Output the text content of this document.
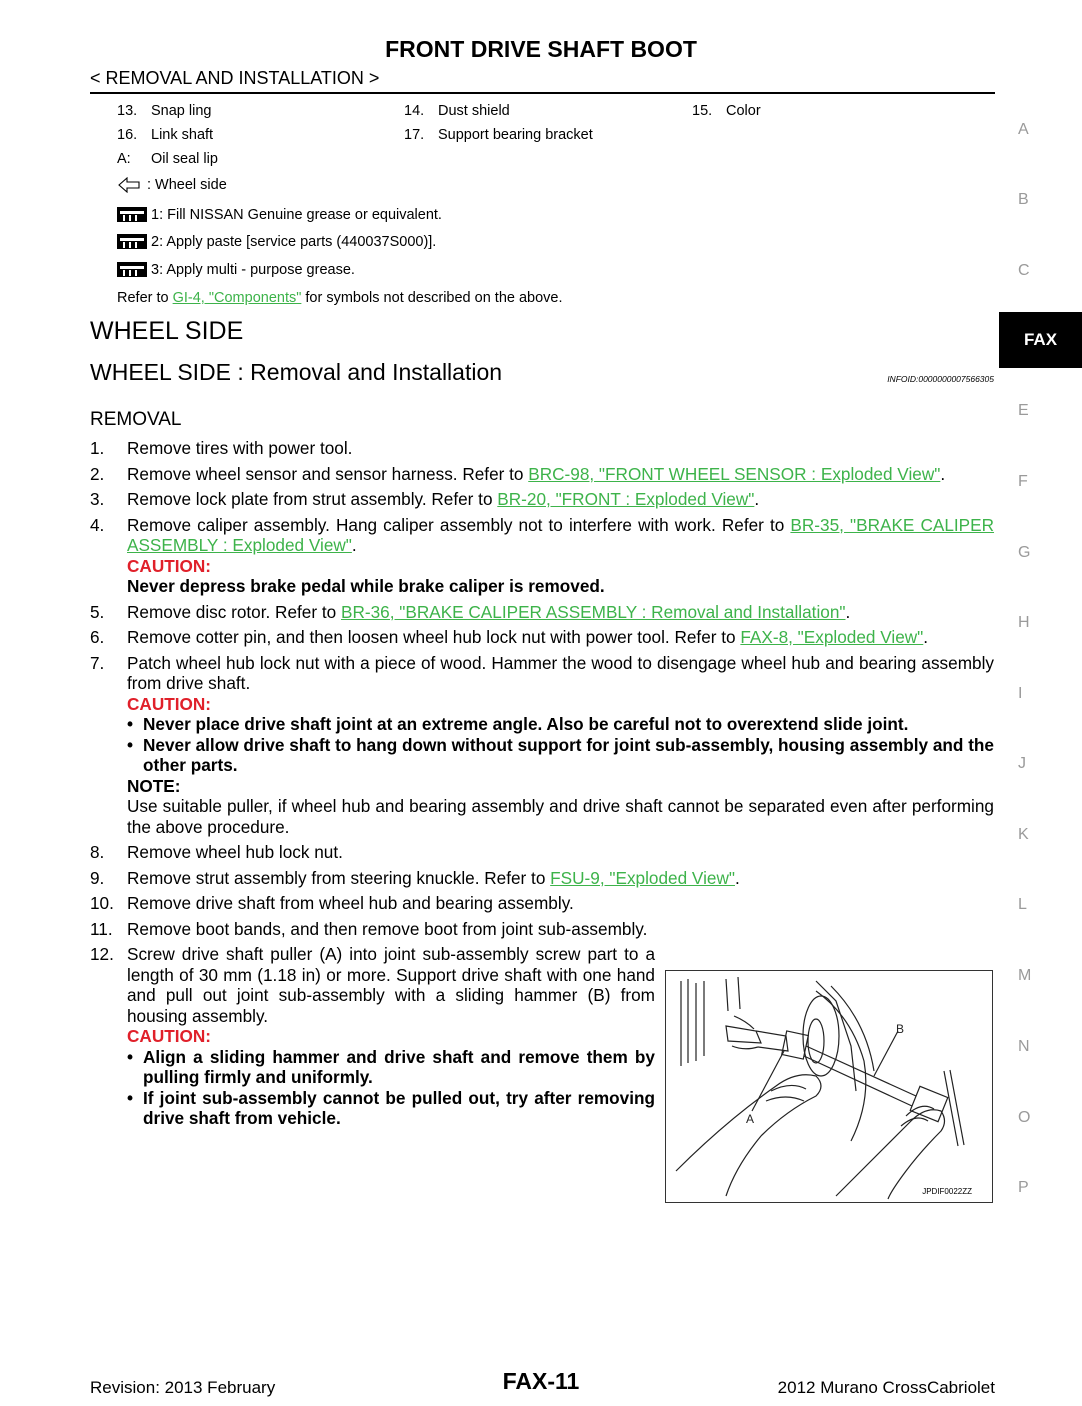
FRONT DRIVE SHAFT BOOT
< REMOVAL AND INSTALLATION >
13. Snap ling	14. Dust shield	15. Color
16. Link shaft	17. Support bearing bracket
A: Oil seal lip
: Wheel side
1: Fill NISSAN Genuine grease or equivalent.
2: Apply paste [service parts (440037S000)].
3: Apply multi - purpose grease.
Refer to GI-4, "Components" for symbols not described on the above.
WHEEL SIDE
WHEEL SIDE : Removal and Installation	INFOID:0000000007566305
REMOVAL
1.	Remove tires with power tool.
2.	Remove wheel sensor and sensor harness. Refer to BRC-98, "FRONT WHEEL SENSOR : Exploded View".
3.	Remove lock plate from strut assembly. Refer to BR-20, "FRONT : Exploded View".
4.	Remove caliper assembly. Hang caliper assembly not to interfere with work. Refer to BR-35, "BRAKE CALIPER ASSEMBLY : Exploded View".
CAUTION:
Never depress brake pedal while brake caliper is removed.
5.	Remove disc rotor. Refer to BR-36, "BRAKE CALIPER ASSEMBLY : Removal and Installation".
6.	Remove cotter pin, and then loosen wheel hub lock nut with power tool. Refer to FAX-8, "Exploded View".
7.	Patch wheel hub lock nut with a piece of wood. Hammer the wood to disengage wheel hub and bearing assembly from drive shaft.
CAUTION:
• Never place drive shaft joint at an extreme angle. Also be careful not to overextend slide joint.
• Never allow drive shaft to hang down without support for joint sub-assembly, housing assembly and the other parts.
NOTE:
Use suitable puller, if wheel hub and bearing assembly and drive shaft cannot be separated even after performing the above procedure.
8.	Remove wheel hub lock nut.
9.	Remove strut assembly from steering knuckle. Refer to FSU-9, "Exploded View".
10. Remove drive shaft from wheel hub and bearing assembly.
11. Remove boot bands, and then remove boot from joint sub-assembly.
12. Screw drive shaft puller (A) into joint sub-assembly screw part to a length of 30 mm (1.18 in) or more. Support drive shaft with one hand and pull out joint sub-assembly with a sliding hammer (B) from housing assembly.
CAUTION:
• Align a sliding hammer and drive shaft and remove them by pulling firmly and uniformly.
• If joint sub-assembly cannot be pulled out, try after removing drive shaft from vehicle.	A
B
JPDIF0022ZZ
A
B
C
FAX
E
F
G
H
I
J
K
L
M
N
O
P
Revision: 2013 February	FAX-11	2012 Murano CrossCabriolet
